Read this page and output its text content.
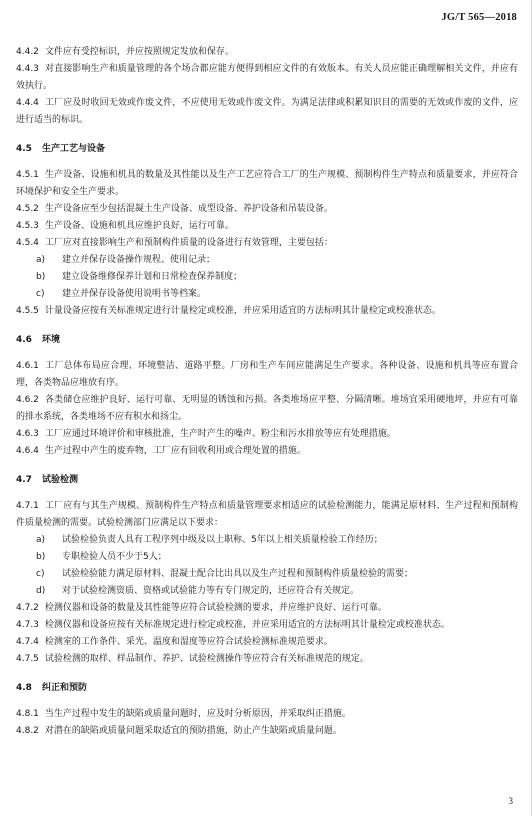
JG/T 565—2018
4.4.2 文件应有受控标识，并应按照规定发放和保存。
4.4.3 对直接影响生产和质量管理的各个场合都应能方便得到相应文件的有效版本。有关人员应能正确理解相关文件，并应有效执行。
4.4.4 工厂应及时收回无效或作废文件，不应使用无效或作废文件。为满足法律或积累知识目的需要的无效或作废的文件，应进行适当的标识。
4.5 生产工艺与设备
4.5.1 生产设备、设施和机具的数量及其性能以及生产工艺应符合工厂的生产规模、预制构件生产特点和质量要求，并应符合环境保护和安全生产要求。
4.5.2 生产设备应至少包括混凝土生产设备、成型设备、养护设备和吊装设备。
4.5.3 生产设备、设施和机具应维护良好，运行可靠。
4.5.4 工厂应对直接影响生产和预制构件质量的设备进行有效管理，主要包括：
a) 建立并保存设备操作规程、使用记录；
b) 建立设备维修保养计划和日常检查保养制度；
c) 建立并保存设备使用说明书等档案。
4.5.5 计量设备应按有关标准规定进行计量检定或校准，并应采用适宜的方法标明其计量检定或校准状态。
4.6 环境
4.6.1 工厂总体布局应合理、环境整洁、道路平整。厂房和生产车间应能满足生产要求。各种设备、设施和机具等应布置合理，各类物品应堆放有序。
4.6.2 各类储仓应维护良好、运行可靠、无明显的锈蚀和污损。各类堆场应平整、分隔清晰。堆场宜采用硬地坪，并应有可靠的排水系统，各类堆场不应有积水和扬尘。
4.6.3 工厂应通过环境评价和审核批准，生产时产生的噪声、粉尘和污水排放等应有处理措施。
4.6.4 生产过程中产生的废弃物，工厂应有回收利用或合理处置的措施。
4.7 试验检测
4.7.1 工厂应有与其生产规模、预制构件生产特点和质量管理要求相适应的试验检测能力，能满足原材料、生产过程和预制构件质量检测的需要。试验检测部门应满足以下要求：
a) 试验检验负责人具有工程序列中级及以上职称、5年以上相关质量检验工作经历；
b) 专职检验人员不少于5人；
c) 试验检验能力满足原材料、混凝土配合比出具以及生产过程和预制构件质量检验的需要；
d) 对于试验检测资质、资格或试验能力等有专门规定的，还应符合有关规定。
4.7.2 检测仪器和设备的数量及其性能等应符合试验检测的要求，并应维护良好、运行可靠。
4.7.3 检测仪器和设备应按有关标准规定进行检定或校准，并应采用适宜的方法标明其计量检定或校准状态。
4.7.4 检测室的工作条件、采光、温度和湿度等应符合试验检测标准规范要求。
4.7.5 试验检测的取样、样品制作、养护、试验检测操作等应符合有关标准规范的规定。
4.8 纠正和预防
4.8.1 当生产过程中发生的缺陷或质量问题时，应及时分析原因，并采取纠正措施。
4.8.2 对潜在的缺陷或质量问题采取适宜的预防措施，防止产生缺陷或质量问题。
3
